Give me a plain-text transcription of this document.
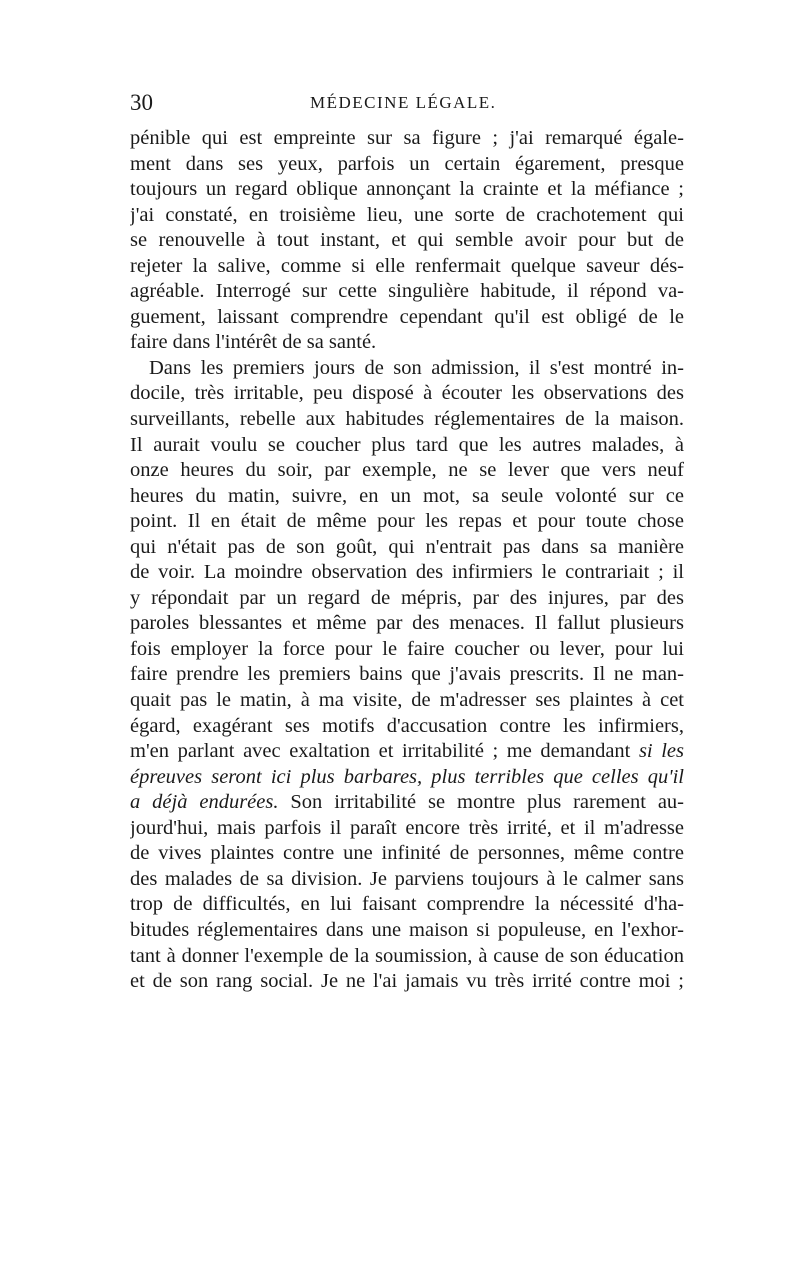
30	MÉDECINE LÉGALE.
pénible qui est empreinte sur sa figure ; j'ai remarqué égale-
ment dans ses yeux, parfois un certain égarement, presque
toujours un regard oblique annonçant la crainte et la méfiance ;
j'ai constaté, en troisième lieu, une sorte de crachotement qui
se renouvelle à tout instant, et qui semble avoir pour but de
rejeter la salive, comme si elle renfermait quelque saveur dés-
agréable. Interrogé sur cette singulière habitude, il répond va-
guement, laissant comprendre cependant qu'il est obligé de le
faire dans l'intérêt de sa santé.
Dans les premiers jours de son admission, il s'est montré in-
docile, très irritable, peu disposé à écouter les observations des
surveillants, rebelle aux habitudes réglementaires de la maison.
Il aurait voulu se coucher plus tard que les autres malades, à
onze heures du soir, par exemple, ne se lever que vers neuf
heures du matin, suivre, en un mot, sa seule volonté sur ce
point. Il en était de même pour les repas et pour toute chose
qui n'était pas de son goût, qui n'entrait pas dans sa manière
de voir. La moindre observation des infirmiers le contrariait ; il
y répondait par un regard de mépris, par des injures, par des
paroles blessantes et même par des menaces. Il fallut plusieurs
fois employer la force pour le faire coucher ou lever, pour lui
faire prendre les premiers bains que j'avais prescrits. Il ne man-
quait pas le matin, à ma visite, de m'adresser ses plaintes à cet
égard, exagérant ses motifs d'accusation contre les infirmiers,
m'en parlant avec exaltation et irritabilité ; me demandant si les
épreuves seront ici plus barbares, plus terribles que celles qu'il
a déjà endurées. Son irritabilité se montre plus rarement au-
jourd'hui, mais parfois il paraît encore très irrité, et il m'adresse
de vives plaintes contre une infinité de personnes, même contre
des malades de sa division. Je parviens toujours à le calmer sans
trop de difficultés, en lui faisant comprendre la nécessité d'ha-
bitudes réglementaires dans une maison si populeuse, en l'exhor-
tant à donner l'exemple de la soumission, à cause de son éducation
et de son rang social. Je ne l'ai jamais vu très irrité contre moi ;
